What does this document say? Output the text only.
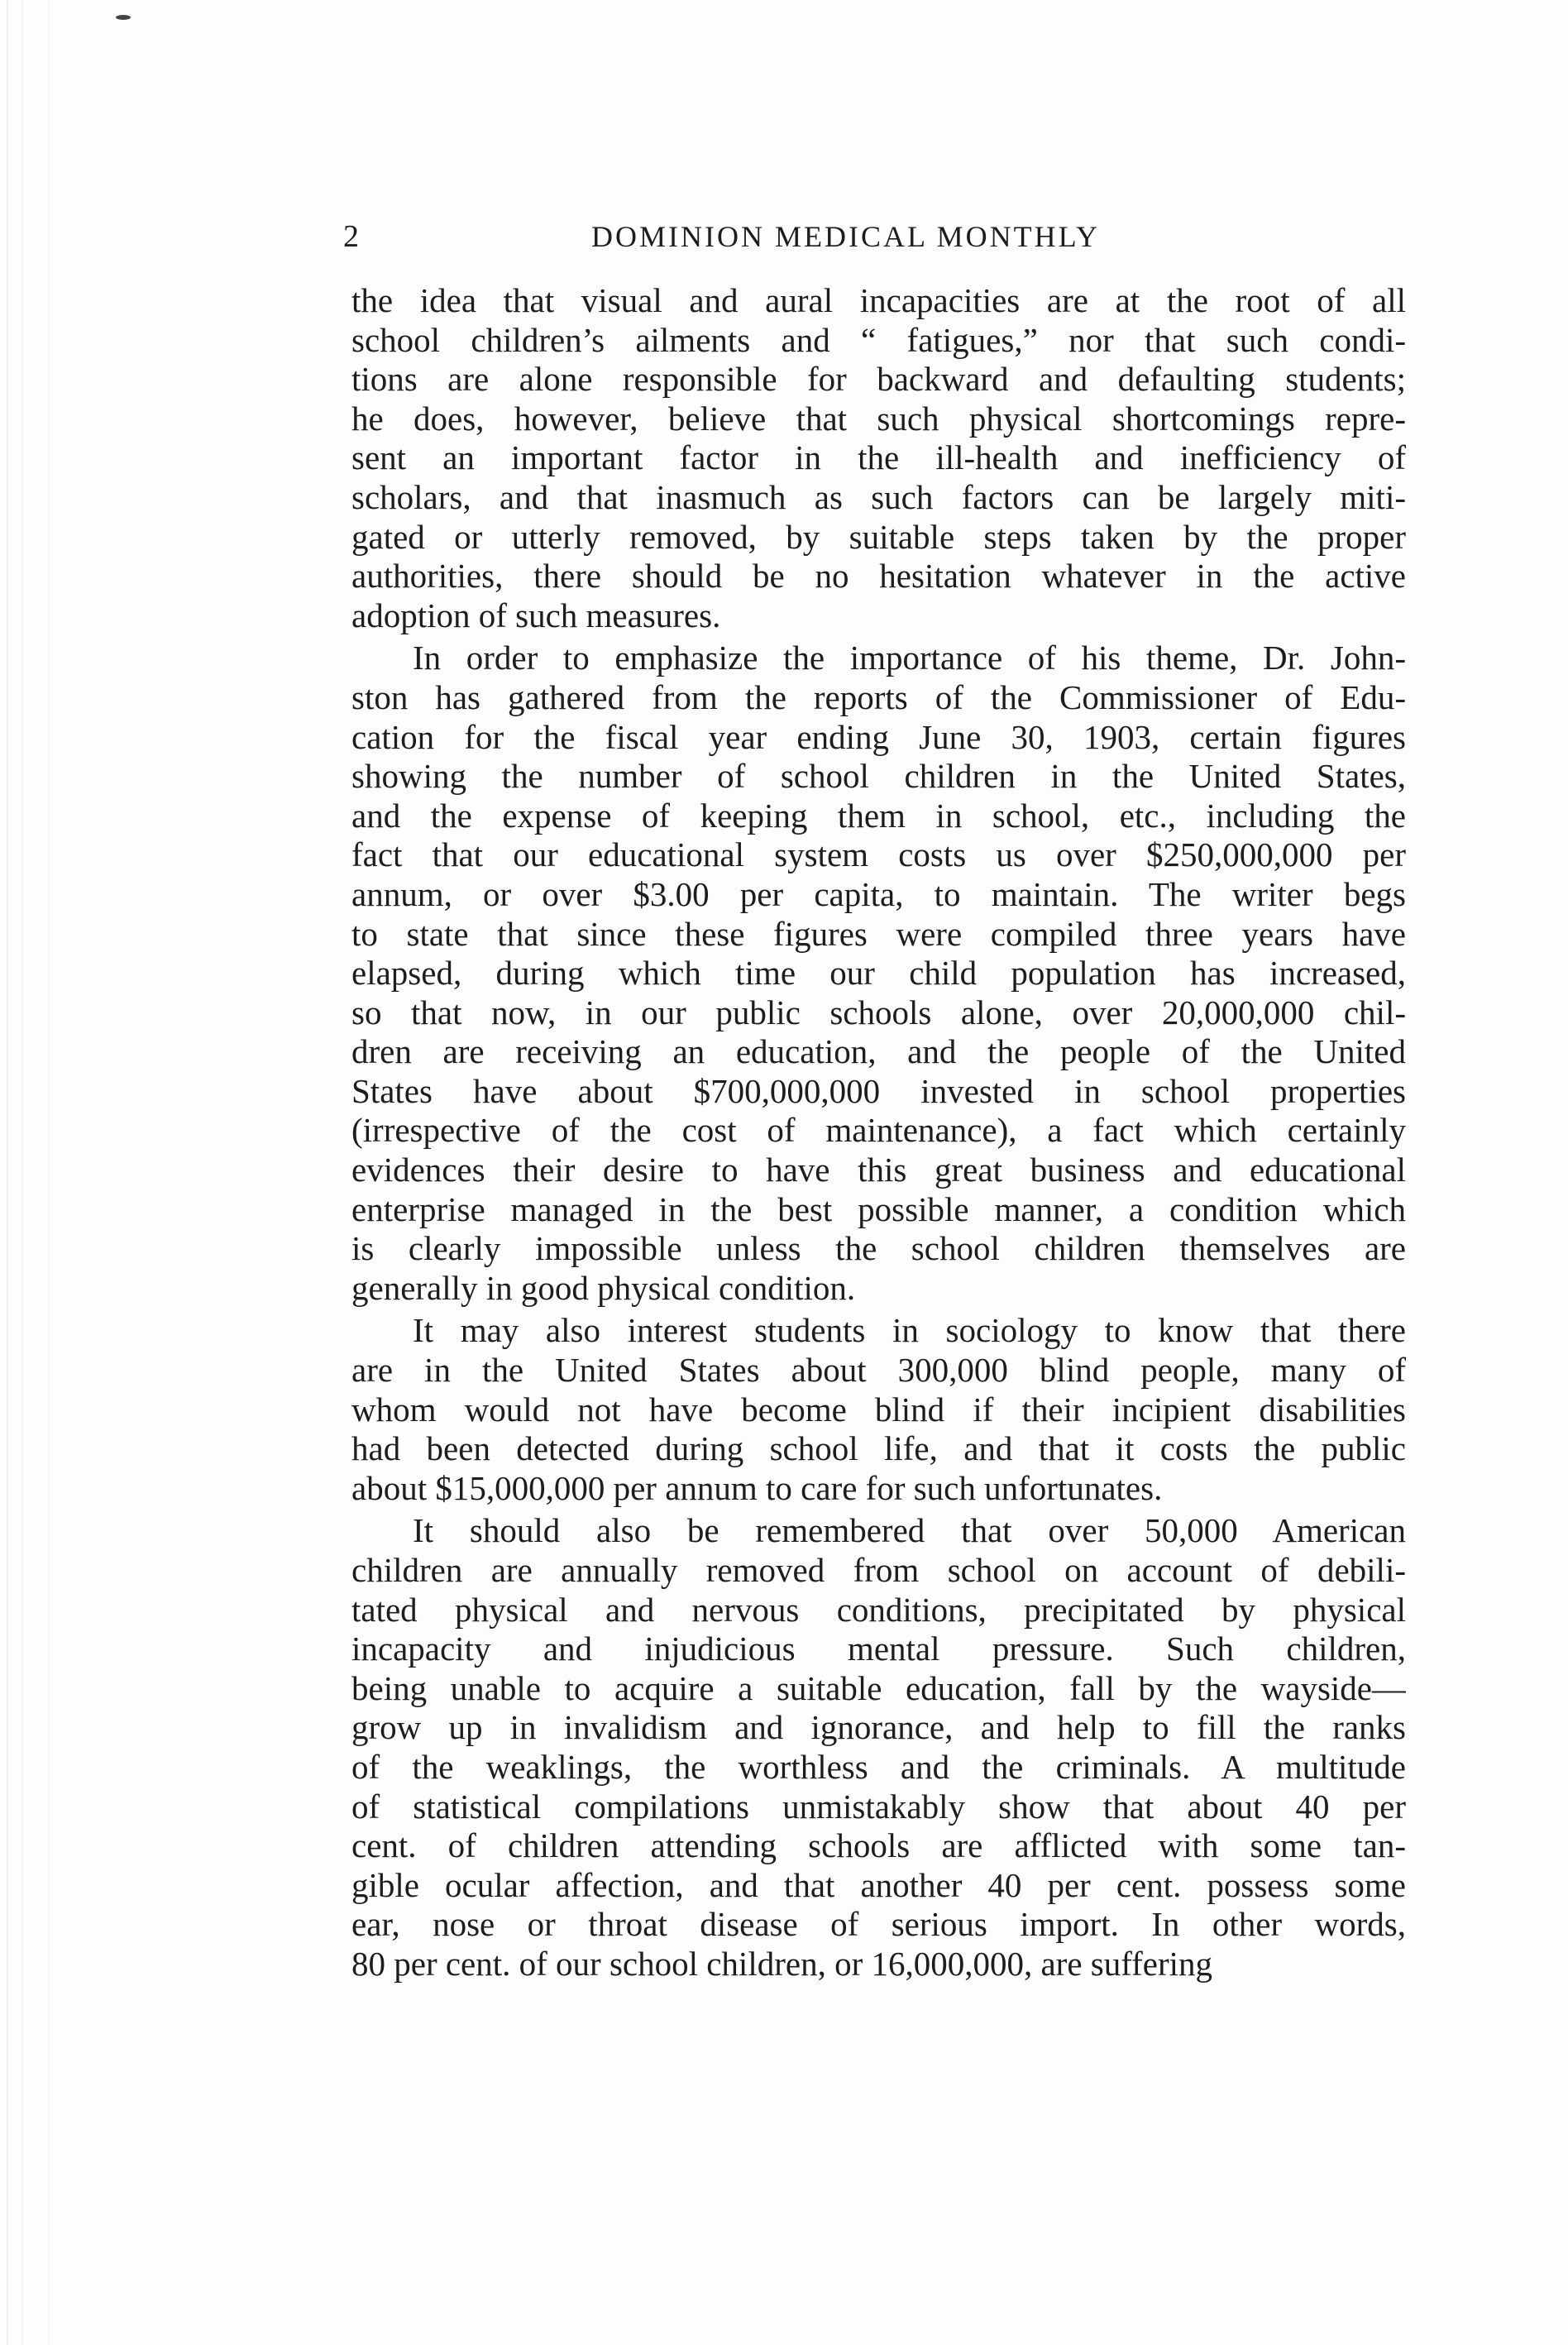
2	DOMINION MEDICAL MONTHLY
the idea that visual and aural incapacities are at the root of all
school children’s ailments and “ fatigues,” nor that such condi-
tions are alone responsible for backward and defaulting students;
he does, however, believe that such physical shortcomings repre-
sent an important factor in the ill-health and inefficiency of
scholars, and that inasmuch as such factors can be largely miti-
gated or utterly removed, by suitable steps taken by the proper
authorities, there should be no hesitation whatever in the active
adoption of such measures.
In order to emphasize the importance of his theme, Dr. John-
ston has gathered from the reports of the Commissioner of Edu-
cation for the fiscal year ending June 30, 1903, certain figures
showing the number of school children in the United States,
and the expense of keeping them in school, etc., including the
fact that our educational system costs us over $250,000,000 per
annum, or over $3.00 per capita, to maintain. The writer begs
to state that since these figures were compiled three years have
elapsed, during which time our child population has increased,
so that now, in our public schools alone, over 20,000,000 chil-
dren are receiving an education, and the people of the United
States have about $700,000,000 invested in school properties
(irrespective of the cost of maintenance), a fact which certainly
evidences their desire to have this great business and educational
enterprise managed in the best possible manner, a condition which
is clearly impossible unless the school children themselves are
generally in good physical condition.
It may also interest students in sociology to know that there
are in the United States about 300,000 blind people, many of
whom would not have become blind if their incipient disabilities
had been detected during school life, and that it costs the public
about $15,000,000 per annum to care for such unfortunates.
It should also be remembered that over 50,000 American
children are annually removed from school on account of debili-
tated physical and nervous conditions, precipitated by physical
incapacity and injudicious mental pressure. Such children,
being unable to acquire a suitable education, fall by the wayside—
grow up in invalidism and ignorance, and help to fill the ranks
of the weaklings, the worthless and the criminals. A multitude
of statistical compilations unmistakably show that about 40 per
cent. of children attending schools are afflicted with some tan-
gible ocular affection, and that another 40 per cent. possess some
ear, nose or throat disease of serious import. In other words,
80 per cent. of our school children, or 16,000,000, are suffering
